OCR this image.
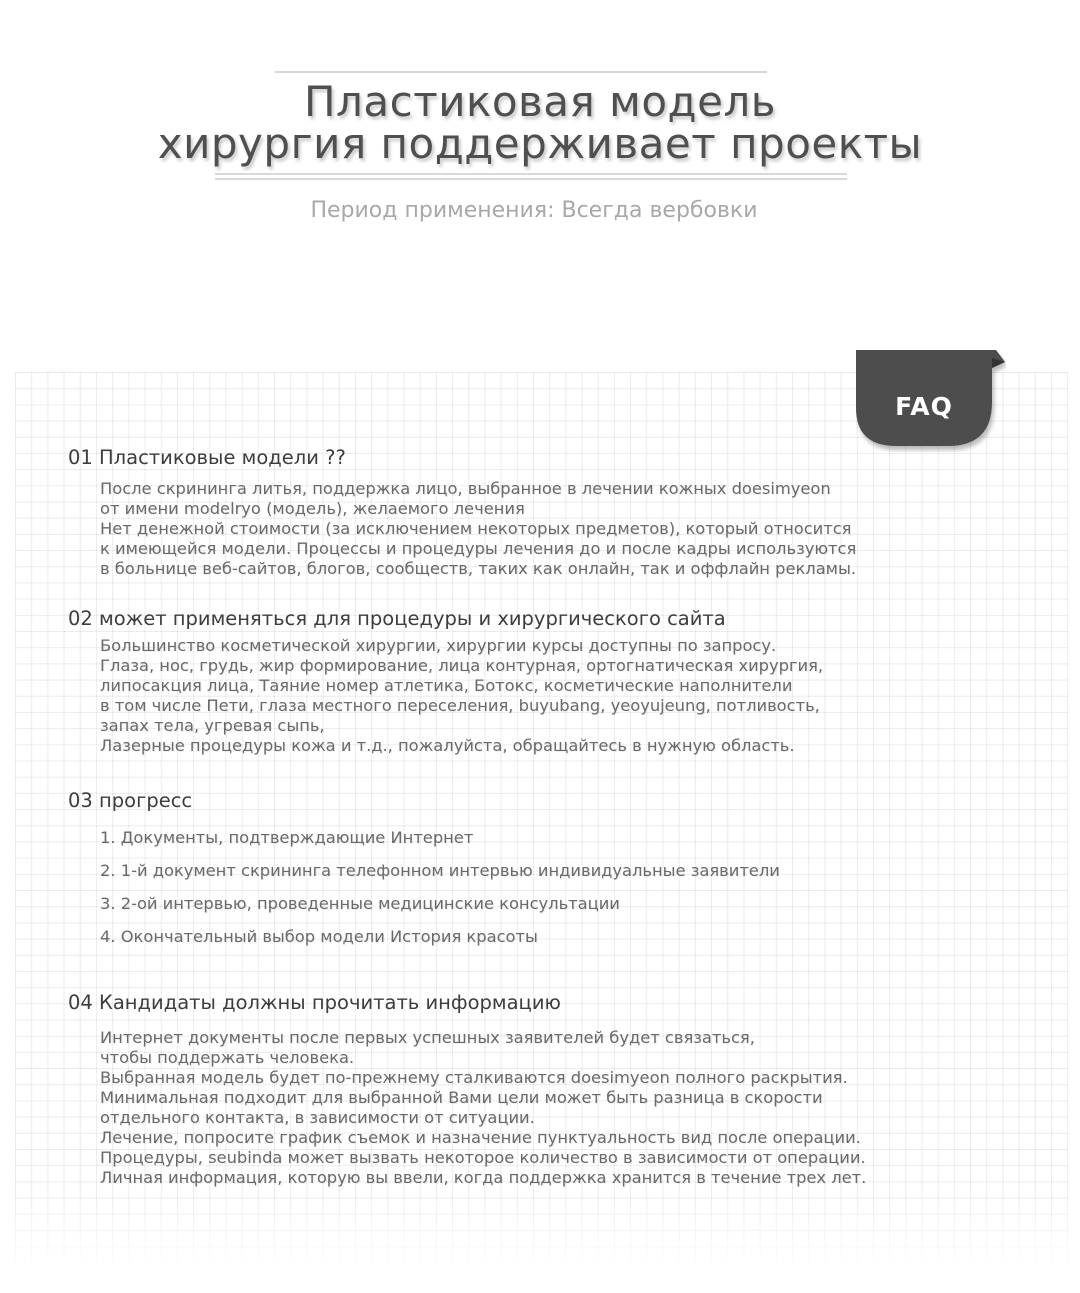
Пластиковая модель
хирургия поддерживает проекты
Период применения: Всегда вербовки
FAQ
01 Пластиковые модели ??
После скрининга литья, поддержка лицо, выбранное в лечении кожных doesimyeon
от имени modelryo (модель), желаемого лечения
Нет денежной стоимости (за исключением некоторых предметов), который относится
к имеющейся модели. Процессы и процедуры лечения до и после кадры используются
в больнице веб-сайтов, блогов, сообществ, таких как онлайн, так и оффлайн рекламы.
02 может применяться для процедуры и хирургического сайта
Большинство косметической хирургии, хирургии курсы доступны по запросу.
Глаза, нос, грудь, жир формирование, лица контурная, ортогнатическая хирургия,
липосакция лица, Таяние номер атлетика, Ботокс, косметические наполнители
в том числе Пети, глаза местного переселения, buyubang, yeoyujeung, потливость,
запах тела, угревая сыпь,
Лазерные процедуры кожа и т.д., пожалуйста, обращайтесь в нужную область.
03 прогресс
1. Документы, подтверждающие Интернет
2. 1-й документ скрининга телефонном интервью индивидуальные заявители
3. 2-ой интервью, проведенные медицинские консультации
4. Окончательный выбор модели История красоты
04 Кандидаты должны прочитать информацию
Интернет документы после первых успешных заявителей будет связаться,
чтобы поддержать человека.
Выбранная модель будет по-прежнему сталкиваются doesimyeon полного раскрытия.
Минимальная подходит для выбранной Вами цели может быть разница в скорости
отдельного контакта, в зависимости от ситуации.
Лечение, попросите график съемок и назначение пунктуальность вид после операции.
Процедуры, seubinda может вызвать некоторое количество в зависимости от операции.
Личная информация, которую вы ввели, когда поддержка хранится в течение трех лет.
